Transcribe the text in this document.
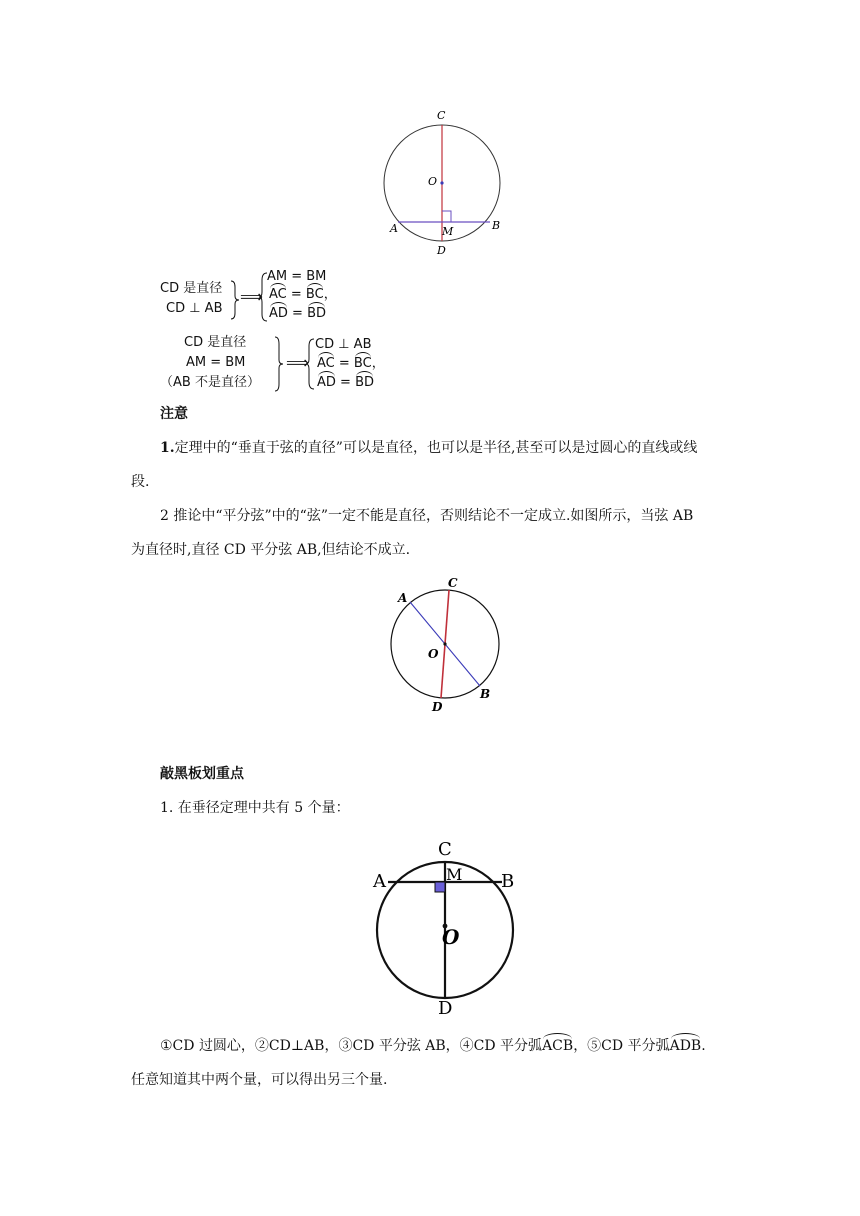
C
O
A	M	B
D
CD 是直径
CD ⊥ AB
⟹
AM = BM
AC = BC，
AD = BD
CD 是直径
AM = BM
（AB 不是直径）
⟹
CD ⊥ AB
AC = BC，
AD = BD
注意
1.定理中的“垂直于弦的直径”可以是直径，也可以是半径,甚至可以是过圆心的直线或线
段.
2 推论中“平分弦”中的“弦”一定不能是直径，否则结论不一定成立.如图所示，当弦 AB
为直径时,直径 CD 平分弦 AB,但结论不成立.
A
C
O
B
D
敲黑板划重点
1. 在垂径定理中共有 5 个量：
C
A	M B
O
D
①CD 过圆心，②CD⊥AB，③CD 平分弦 AB，④CD 平分弧ACB，⑤CD 平分弧ADB.
任意知道其中两个量，可以得出另三个量.
